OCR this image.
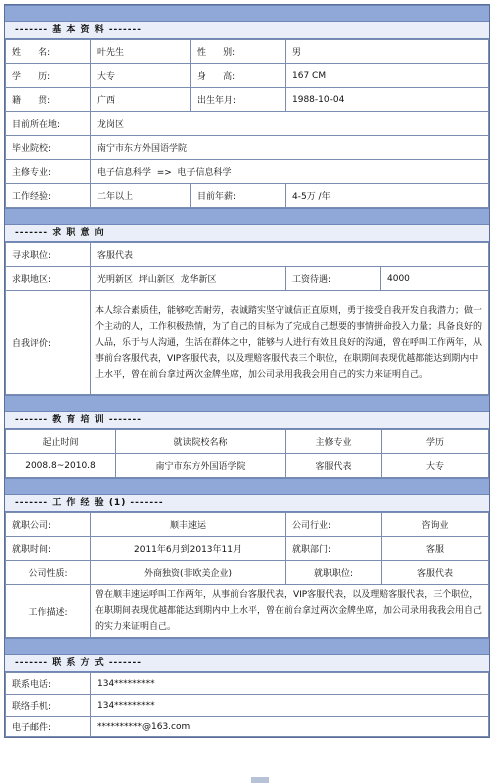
------- 基 本 资 料 -------
姓      名:	叶先生	性      别:	男
学      历:	大专	身      高:	167 CM
籍      贯:	广西	出生年月:	1988-10-04
目前所在地:	龙岗区		
毕业院校:	南宁市东方外国语学院		
主修专业:	电子信息科学  =>  电子信息科学		
工作经验:	二年以上	目前年薪:	4-5万 /年
------- 求 职 意 向
寻求职位:	客服代表		
求职地区:	光明新区  坪山新区  龙华新区	工资待遇:	4000
自我评价:	本人综合素质佳，能够吃苦耐劳，表诚踏实坚守诚信正直原则，勇于接受自我开发自我潜力；做一个主动的人，工作积极热情，为了自己的目标为了完成自己想要的事情拼命投入力量；具备良好的人品，乐于与人沟通，生活在群体之中，能够与人进行有效且良好的沟通，曾在呼叫工作两年，从事前台客服代表，VIP客服代表，以及理赔客服代表三个职位，在职期间表现优越都能达到期内中上水平，曾在前台拿过两次金牌坐席，加公司录用我我会用自己的实力来证明自己。		
------- 教 育 培 训 -------
起止时间	就读院校名称	主修专业	学历
2008.8~2010.8	南宁市东方外国语学院	客服代表	大专
------- 工 作 经 验 (1) -------
就职公司:	顺丰速运	公司行业:	咨询业
就职时间:	2011年6月到2013年11月	就职部门:	客服
公司性质:	外商独资(非欧美企业)	就职职位:	客服代表
工作描述:	曾在顺丰速运呼叫工作两年，从事前台客服代表，VIP客服代表，以及理赔客服代表，三个职位，在职期间表现优越都能达到期内中上水平，曾在前台拿过两次金牌坐席，加公司录用我我会用自己的实力来证明自己。		
------- 联 系 方 式 -------
联系电话:	134*********
联络手机:	134*********
电子邮件:	**********@163.com
